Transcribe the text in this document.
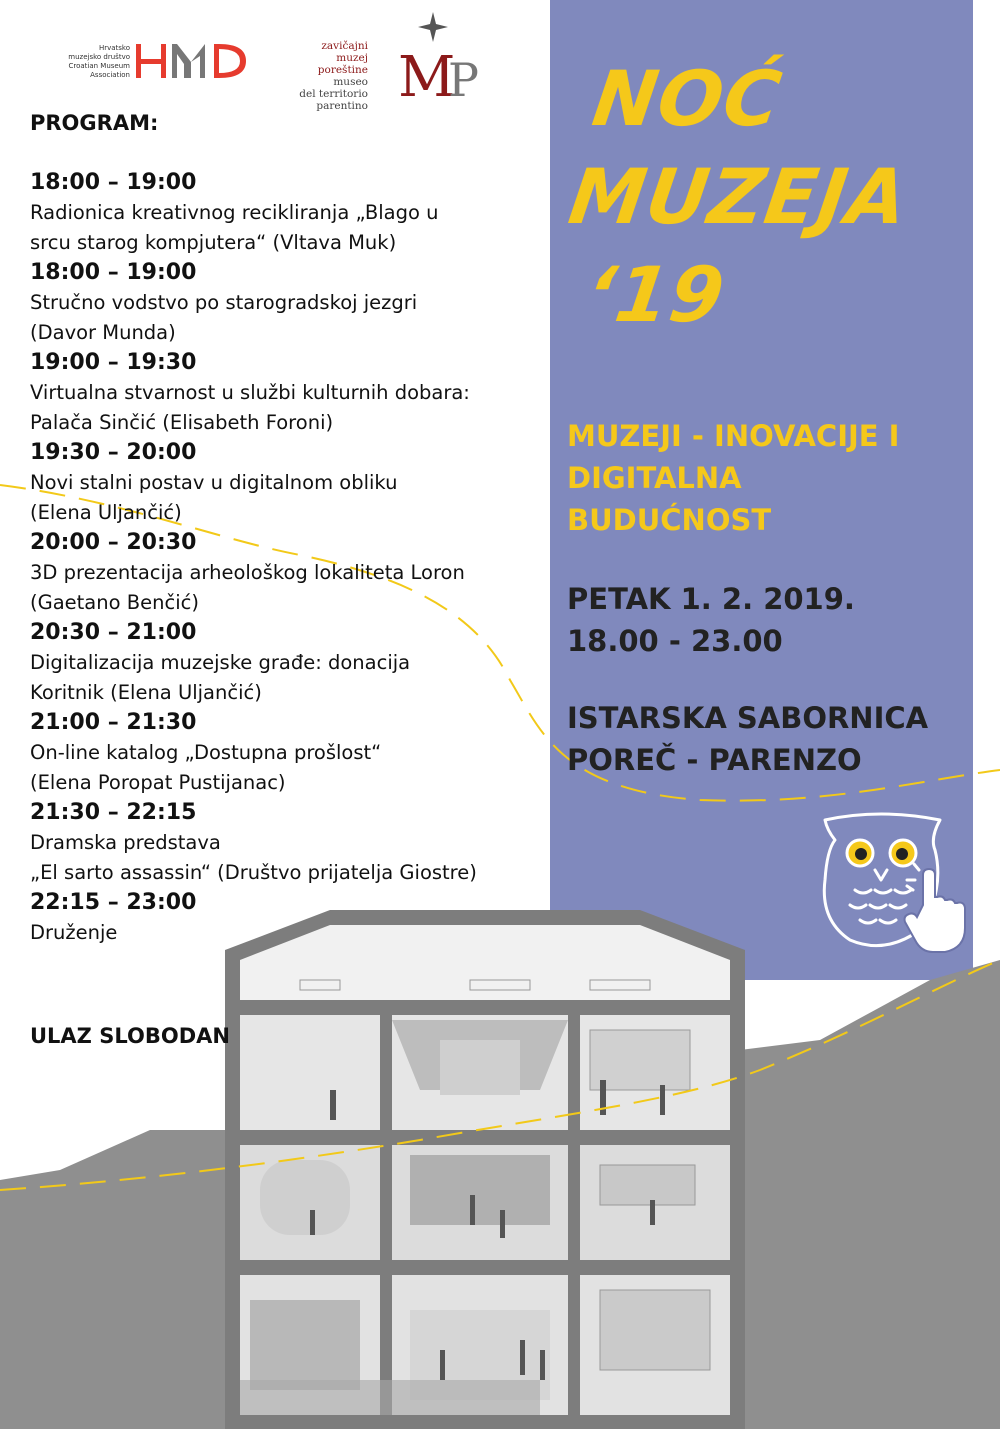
Hrvatsko
muzejsko društvo
Croatian Museum
Association
zavičajni
muzej
poreštine
museo
del territorio
parentino M
P
PROGRAM:
18:00 – 19:00
Radionica kreativnog recikliranja „Blago u
srcu starog kompjutera“ (Vltava Muk)
18:00 – 19:00
Stručno vodstvo po starogradskoj jezgri
(Davor Munda)
19:00 – 19:30
Virtualna stvarnost u službi kulturnih dobara:
Palača Sinčić (Elisabeth Foroni)
19:30 – 20:00
Novi stalni postav u digitalnom obliku
(Elena Uljančić)
20:00 – 20:30
3D prezentacija arheološkog lokaliteta Loron
(Gaetano Benčić)
20:30 – 21:00
Digitalizacija muzejske građe: donacija
Koritnik (Elena Uljančić)
21:00 – 21:30
On-line katalog „Dostupna prošlost“
(Elena Poropat Pustijanac)
21:30 – 22:15
Dramska predstava
„El sarto assassin“ (Društvo prijatelja Giostre)
22:15 – 23:00
Druženje
ULAZ SLOBODAN
NOĆ
MUZEJA
‘19
MUZEJI - INOVACIJE I
DIGITALNA
BUDUĆNOST
PETAK 1. 2. 2019.
18.00 - 23.00
ISTARSKA SABORNICA
POREČ - PARENZO
